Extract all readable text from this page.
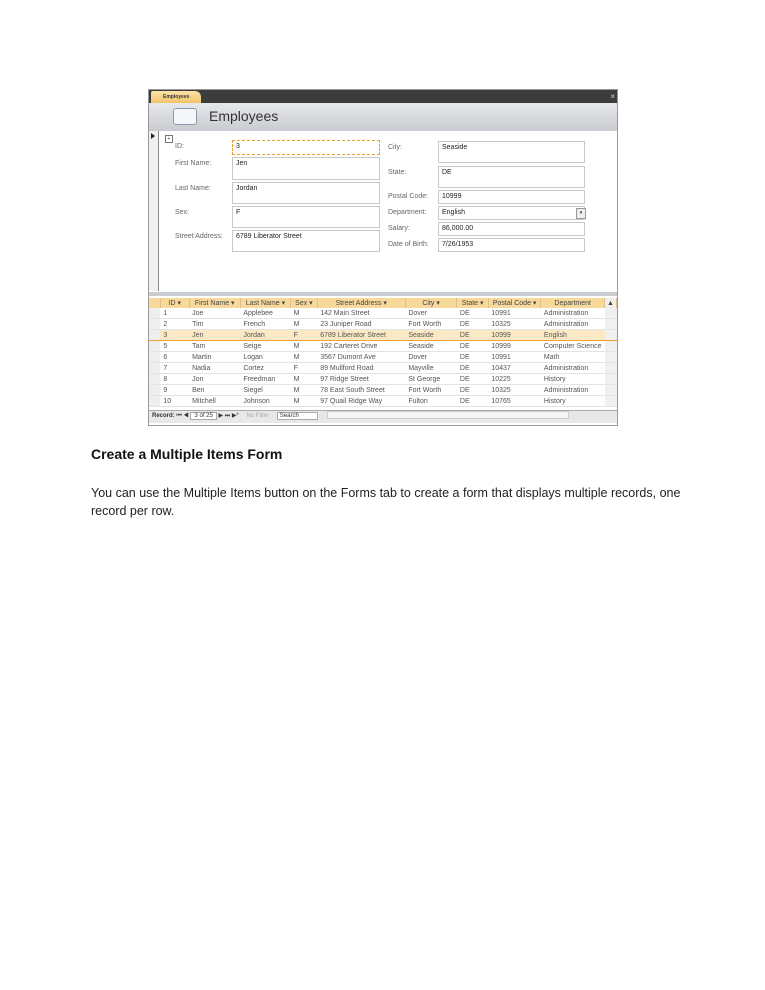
Employees	×
Employees
	ID ▾	First Name ▾	Last Name ▾	Sex ▾	Street Address ▾	City ▾	State ▾	Postal Code ▾	Department	▲
	1	Joe	Applebee	M	142 Main Street	Dover	DE	10991	Administration	
	2	Tim	French	M	23 Juniper Road	Fort Worth	DE	10325	Administration	
	3	Jen	Jordan	F	6789 Liberator Street	Seaside	DE	10999	English	
	5	Tam	Seige	M	192 Carteret Drive	Seaside	DE	10999	Computer Science	
	6	Martin	Logan	M	3567 Dumont Ave	Dover	DE	10991	Math	
	7	Nadia	Cortez	F	89 Mullford Road	Mayville	DE	10437	Administration	
	8	Jon	Freedman	M	97 Ridge Street	St George	DE	10225	History	
	9	Ben	Siegel	M	78 East South Street	Fort Worth	DE	10325	Administration	
	10	Mitchell	Johnson	M	97 Quail Ridge Way	Fulton	DE	10765	History	
Record: ⏮ ◀ 3 of 25 ▶ ⏭ ▶* No Filter Search
ID:	3
First Name:	Jen
Last Name:	Jordan
Sex:	F
Street Address:	6789 Liberator Street
City:	Seaside
State:	DE
Postal Code:	10999
Department:	English
Salary:	86,000.00
Date of Birth:	7/26/1953
▾
+
Create a Multiple Items Form
You can use the Multiple Items button on the Forms tab to create a form that displays multiple records, one record per row.
